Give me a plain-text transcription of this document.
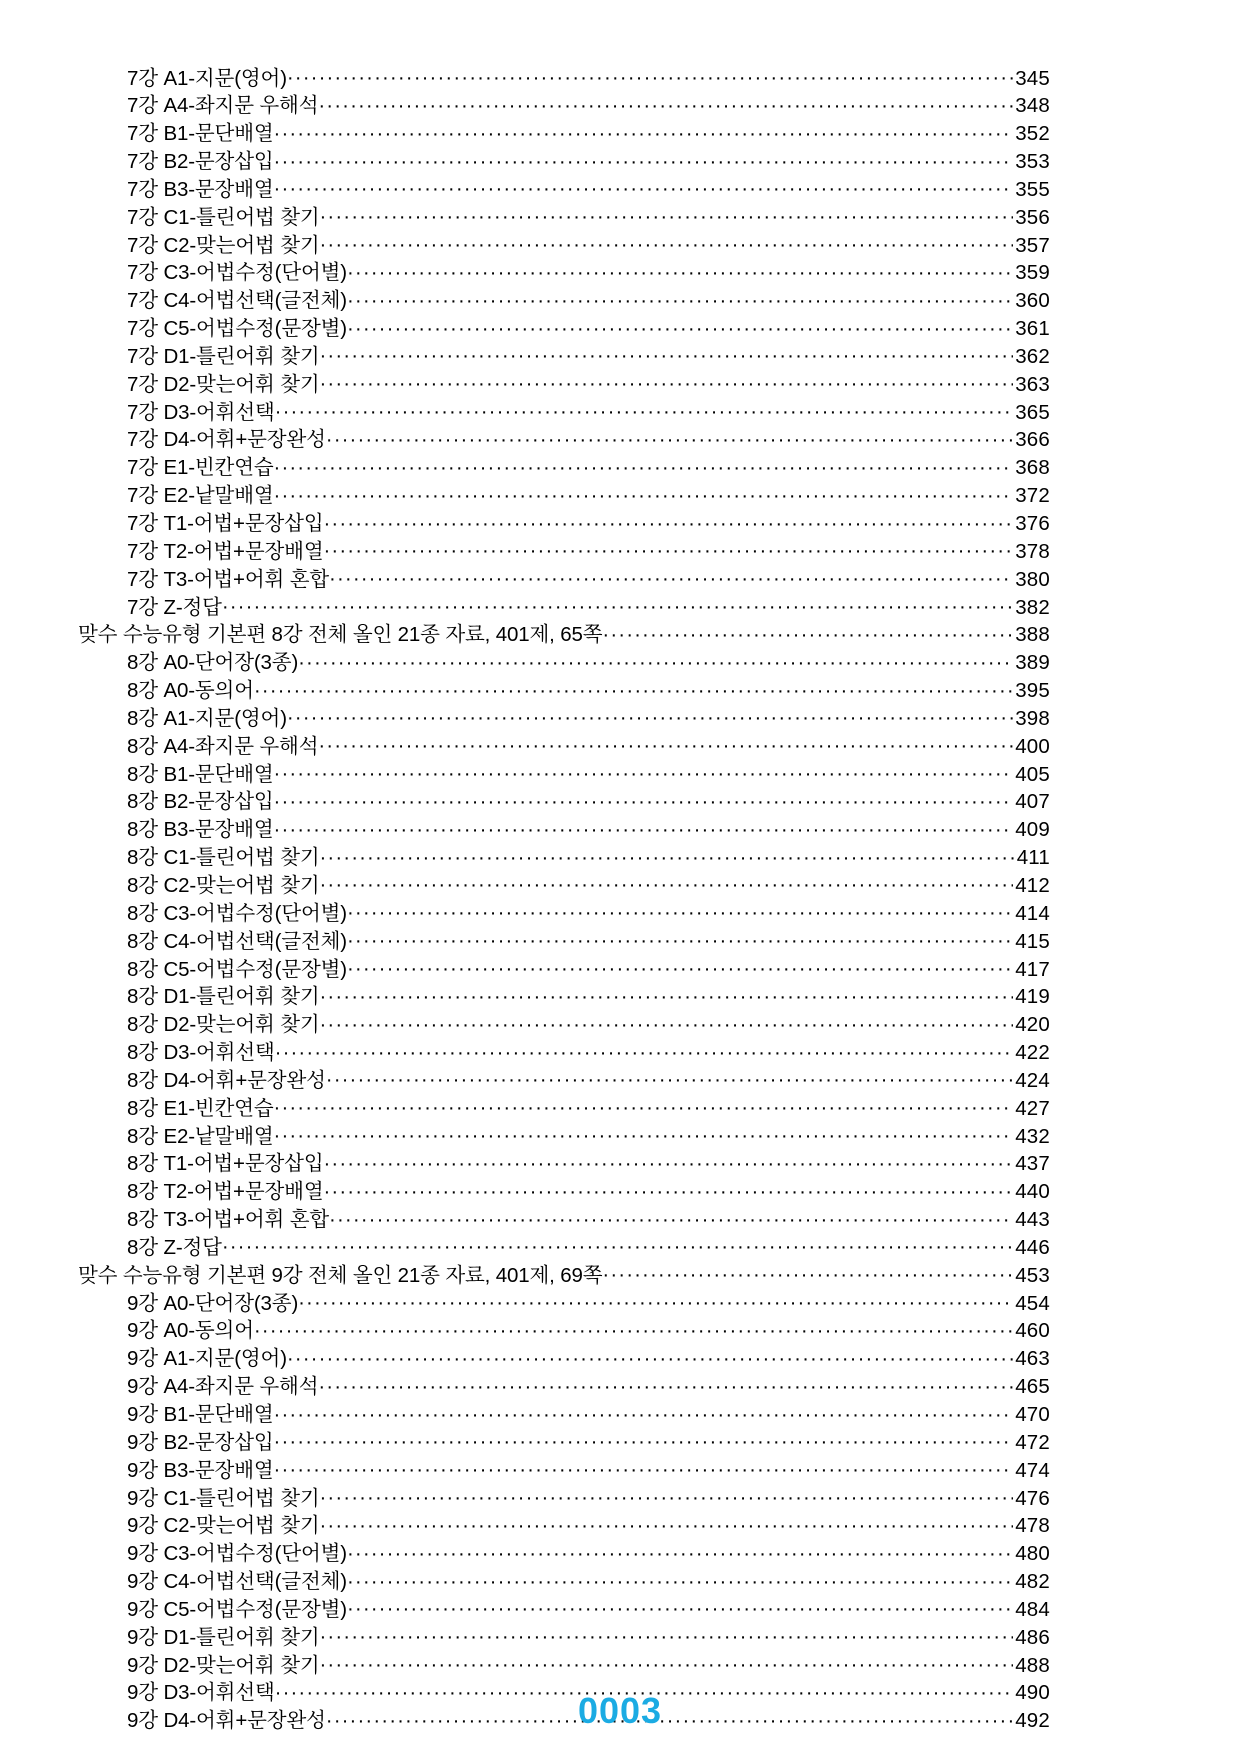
7강 A1-지문(영어) ·····	345
7강 A4-좌지문 우해석 ·····	348
7강 B1-문단배열 ·····	352
7강 B2-문장삽입 ·····	353
7강 B3-문장배열 ·····	355
7강 C1-틀린어법 찾기 ·····	356
7강 C2-맞는어법 찾기 ·····	357
7강 C3-어법수정(단어별) ·····	359
7강 C4-어법선택(글전체) ·····	360
7강 C5-어법수정(문장별) ·····	361
7강 D1-틀린어휘 찾기 ·····	362
7강 D2-맞는어휘 찾기 ·····	363
7강 D3-어휘선택 ·····	365
7강 D4-어휘+문장완성 ·····	366
7강 E1-빈칸연습 ·····	368
7강 E2-낱말배열 ·····	372
7강 T1-어법+문장삽입 ·····	376
7강 T2-어법+문장배열 ·····	378
7강 T3-어법+어휘 혼합 ·····	380
7강 Z-정답 ·····	382
맞수 수능유형 기본편 8강 전체 올인 21종 자료, 401제, 65쪽 ·····	388
8강 A0-단어장(3종) ·····	389
8강 A0-동의어 ·····	395
8강 A1-지문(영어) ·····	398
8강 A4-좌지문 우해석 ·····	400
8강 B1-문단배열 ·····	405
8강 B2-문장삽입 ·····	407
8강 B3-문장배열 ·····	409
8강 C1-틀린어법 찾기 ·····	411
8강 C2-맞는어법 찾기 ·····	412
8강 C3-어법수정(단어별) ·····	414
8강 C4-어법선택(글전체) ·····	415
8강 C5-어법수정(문장별) ·····	417
8강 D1-틀린어휘 찾기 ·····	419
8강 D2-맞는어휘 찾기 ·····	420
8강 D3-어휘선택 ·····	422
8강 D4-어휘+문장완성 ·····	424
8강 E1-빈칸연습 ·····	427
8강 E2-낱말배열 ·····	432
8강 T1-어법+문장삽입 ·····	437
8강 T2-어법+문장배열 ·····	440
8강 T3-어법+어휘 혼합 ·····	443
8강 Z-정답 ·····	446
맞수 수능유형 기본편 9강 전체 올인 21종 자료, 401제, 69쪽 ·····	453
9강 A0-단어장(3종) ·····	454
9강 A0-동의어 ·····	460
9강 A1-지문(영어) ·····	463
9강 A4-좌지문 우해석 ·····	465
9강 B1-문단배열 ·····	470
9강 B2-문장삽입 ·····	472
9강 B3-문장배열 ·····	474
9강 C1-틀린어법 찾기 ·····	476
9강 C2-맞는어법 찾기 ·····	478
9강 C3-어법수정(단어별) ·····	480
9강 C4-어법선택(글전체) ·····	482
9강 C5-어법수정(문장별) ·····	484
9강 D1-틀린어휘 찾기 ·····	486
9강 D2-맞는어휘 찾기 ·····	488
9강 D3-어휘선택 ·····	490
9강 D4-어휘+문장완성 ·····	492
0003
